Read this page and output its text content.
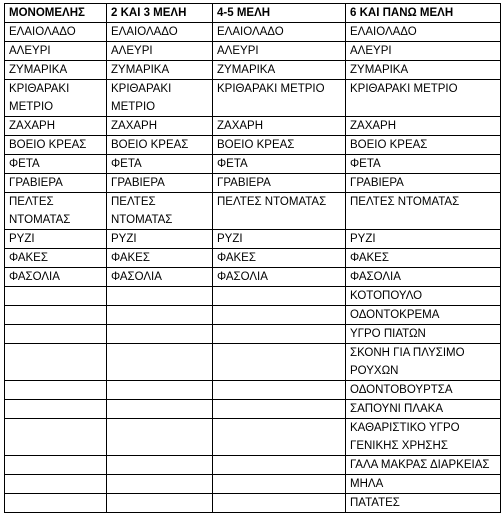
ΜΟΝΟΜΕΛΗΣ	2 ΚΑΙ 3 ΜΕΛΗ	4-5 ΜΕΛΗ	6 ΚΑΙ ΠΑΝΩ ΜΕΛΗ
ΕΛΑΙΟΛΑΔΟ	ΕΛΑΙΟΛΑΔΟ	ΕΛΑΙΟΛΑΔΟ	ΕΛΑΙΟΛΑΔΟ
ΑΛΕΥΡΙ	ΑΛΕΥΡΙ	ΑΛΕΥΡΙ	ΑΛΕΥΡΙ
ΖΥΜΑΡΙΚΑ	ΖΥΜΑΡΙΚΑ	ΖΥΜΑΡΙΚΑ	ΖΥΜΑΡΙΚΑ
ΚΡΙΘΑΡΑΚΙ ΜΕΤΡΙΟ	ΚΡΙΘΑΡΑΚΙ ΜΕΤΡΙΟ	ΚΡΙΘΑΡΑΚΙ ΜΕΤΡΙΟ	ΚΡΙΘΑΡΑΚΙ ΜΕΤΡΙΟ
ΖΑΧΑΡΗ	ΖΑΧΑΡΗ	ΖΑΧΑΡΗ	ΖΑΧΑΡΗ
ΒΟΕΙΟ ΚΡΕΑΣ	ΒΟΕΙΟ ΚΡΕΑΣ	ΒΟΕΙΟ ΚΡΕΑΣ	ΒΟΕΙΟ ΚΡΕΑΣ
ΦΕΤΑ	ΦΕΤΑ	ΦΕΤΑ	ΦΕΤΑ
ΓΡΑΒΙΕΡΑ	ΓΡΑΒΙΕΡΑ	ΓΡΑΒΙΕΡΑ	ΓΡΑΒΙΕΡΑ
ΠΕΛΤΕΣ ΝΤΟΜΑΤΑΣ	ΠΕΛΤΕΣ ΝΤΟΜΑΤΑΣ	ΠΕΛΤΕΣ ΝΤΟΜΑΤΑΣ	ΠΕΛΤΕΣ ΝΤΟΜΑΤΑΣ
ΡΥΖΙ	ΡΥΖΙ	ΡΥΖΙ	ΡΥΖΙ
ΦΑΚΕΣ	ΦΑΚΕΣ	ΦΑΚΕΣ	ΦΑΚΕΣ
ΦΑΣΟΛΙΑ	ΦΑΣΟΛΙΑ	ΦΑΣΟΛΙΑ	ΦΑΣΟΛΙΑ
			ΚΟΤΟΠΟΥΛΟ
			ΟΔΟΝΤΟΚΡΕΜΑ
			ΥΓΡΟ ΠΙΑΤΩΝ
			ΣΚΟΝΗ ΓΙΑ ΠΛΥΣΙΜΟ ΡΟΥΧΩΝ
			ΟΔΟΝΤΟΒΟΥΡΤΣΑ
			ΣΑΠΟΥΝΙ ΠΛΑΚΑ
			ΚΑΘΑΡΙΣΤΙΚΟ ΥΓΡΟ ΓΕΝΙΚΗΣ ΧΡΗΣΗΣ
			ΓΑΛΑ ΜΑΚΡΑΣ ΔΙΑΡΚΕΙΑΣ
			ΜΗΛΑ
			ΠΑΤΑΤΕΣ
